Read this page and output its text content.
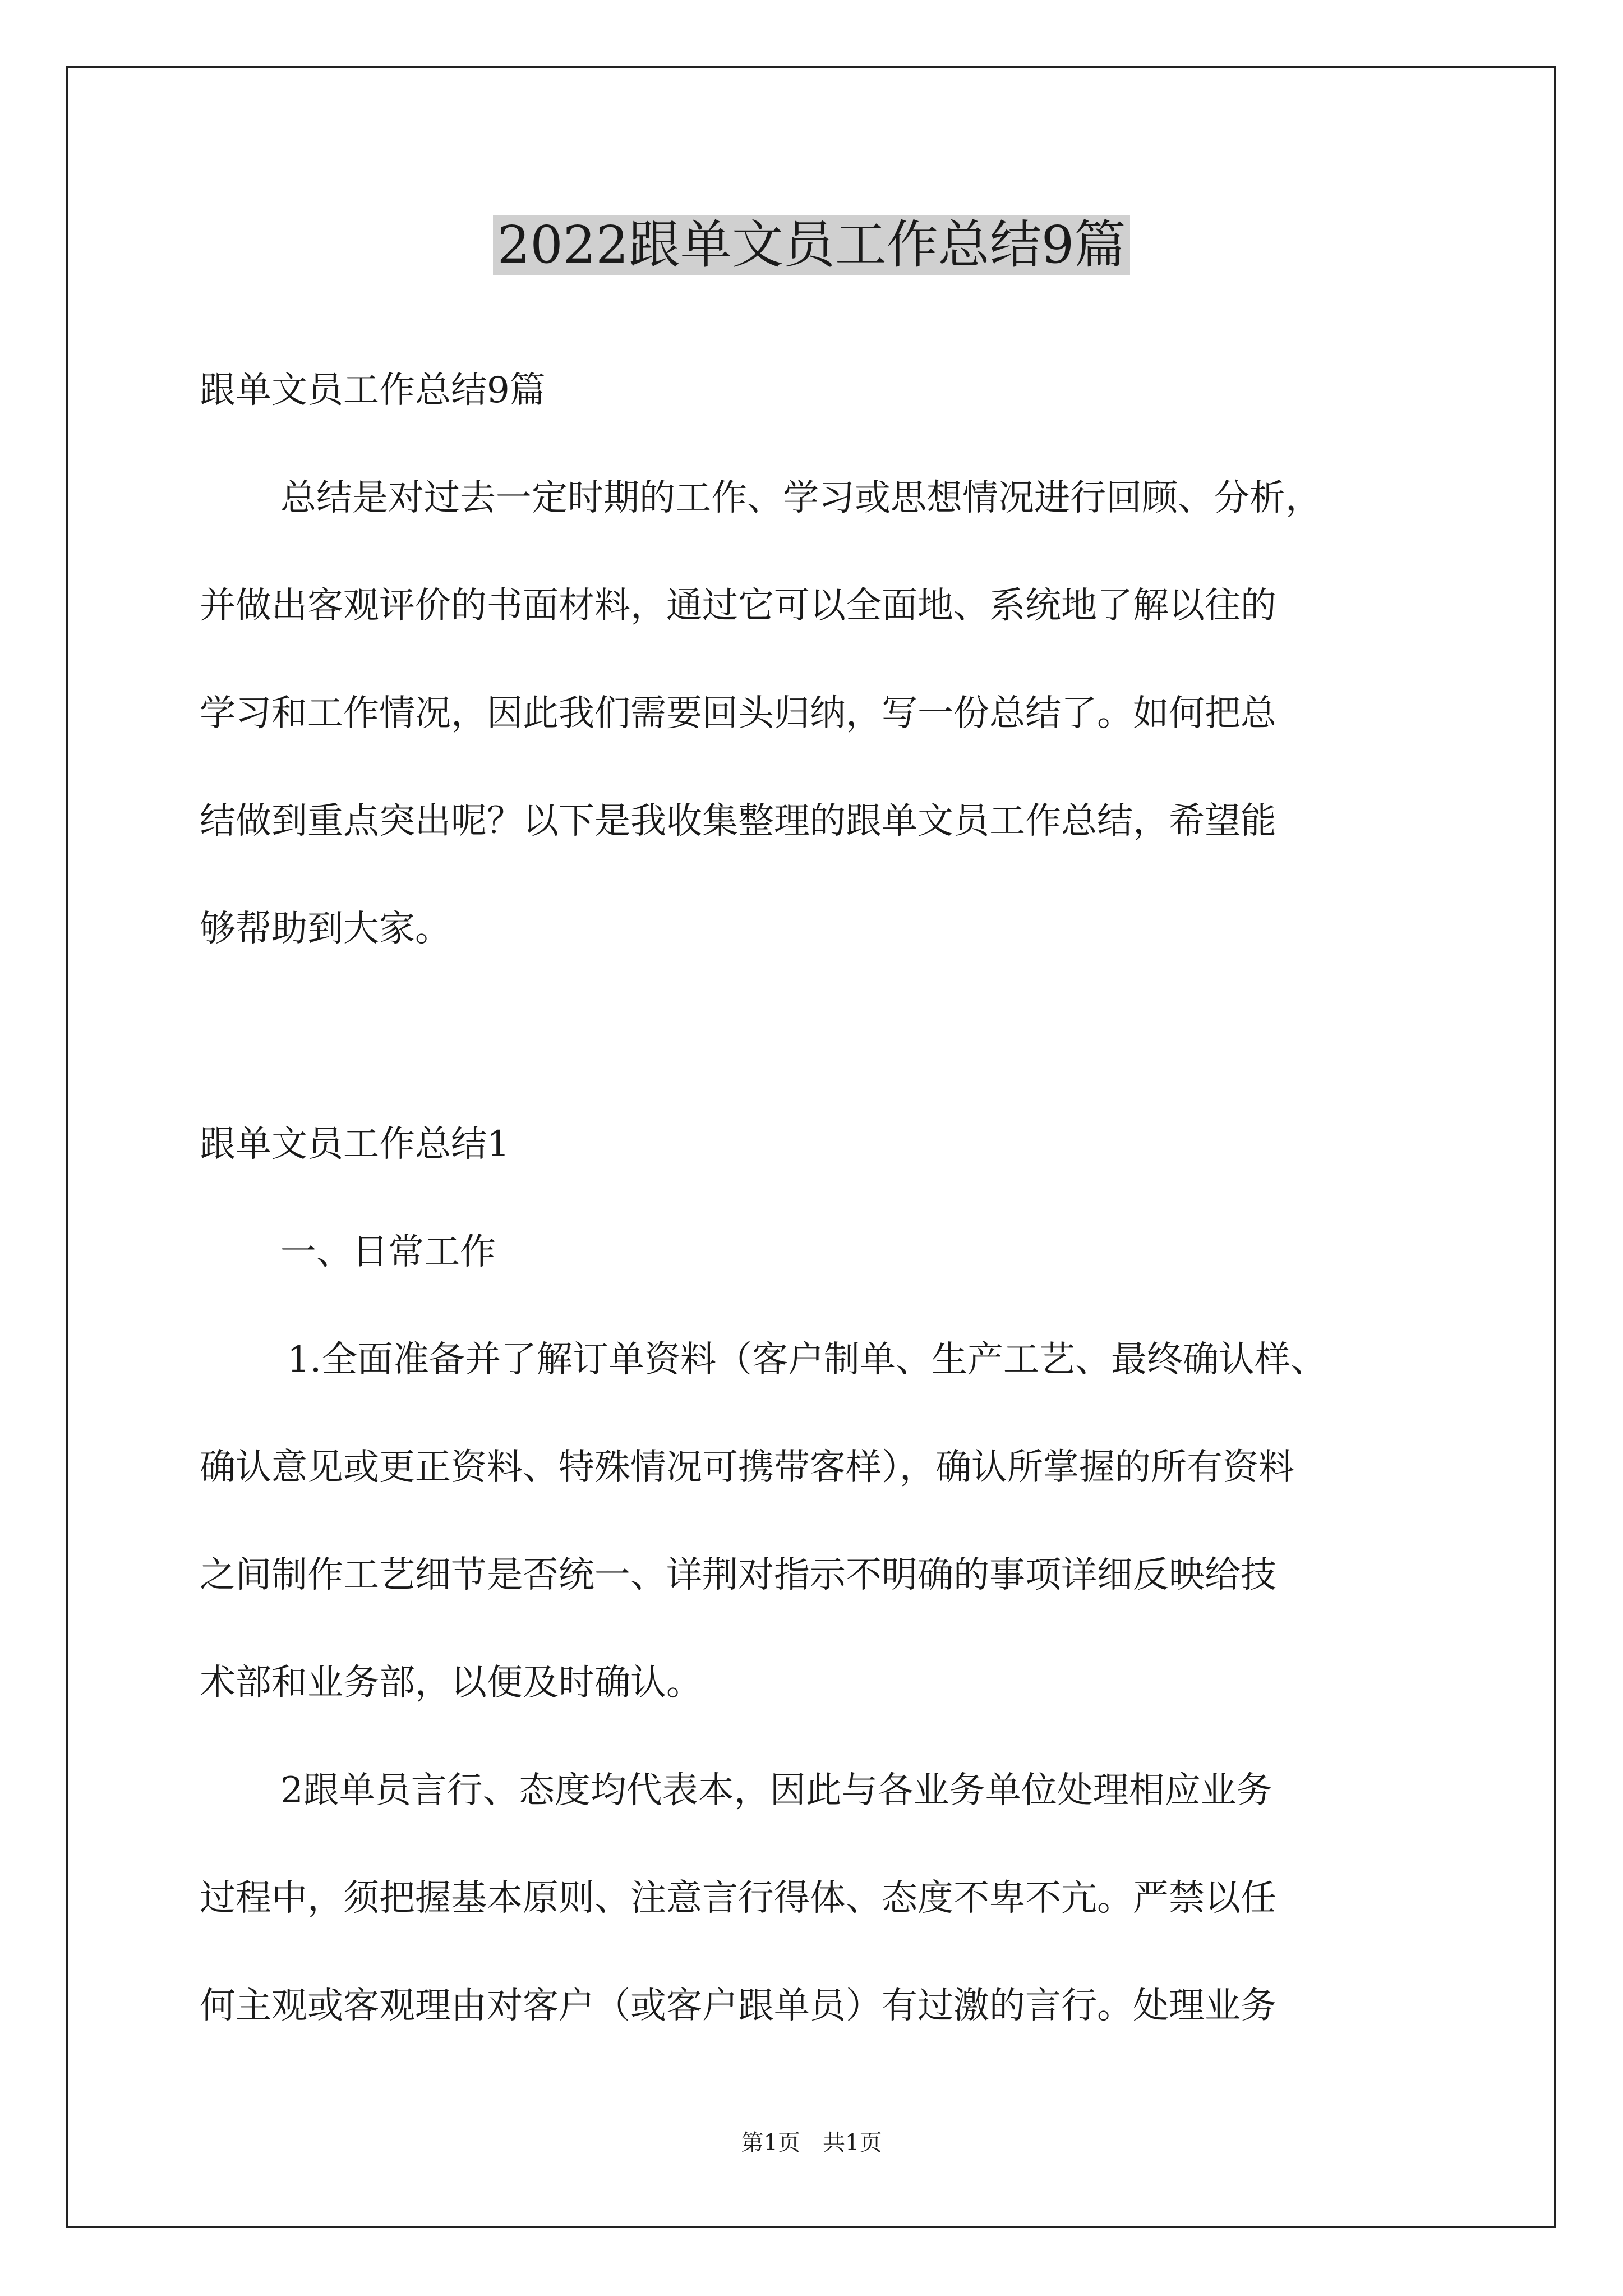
2022跟单文员工作总结9篇

跟单文员工作总结9篇

总结是对过去一定时期的工作、学习或思想情况进行回顾、分析，
并做出客观评价的书面材料，通过它可以全面地、系统地了解以往的
学习和工作情况，因此我们需要回头归纳，写一份总结了。如何把总
结做到重点突出呢？以下是我收集整理的跟单文员工作总结，希望能
够帮助到大家。

跟单文员工作总结1

一、日常工作

1.全面准备并了解订单资料（客户制单、生产工艺、最终确认样、
确认意见或更正资料、特殊情况可携带客样），确认所掌握的所有资料
之间制作工艺细节是否统一、详荆对指示不明确的事项详细反映给技
术部和业务部，以便及时确认。
2跟单员言行、态度均代表本，因此与各业务单位处理相应业务
过程中，须把握基本原则、注意言行得体、态度不卑不亢。严禁以任
何主观或客观理由对客户（或客户跟单员）有过激的言行。处理业务
第1页 共1页
